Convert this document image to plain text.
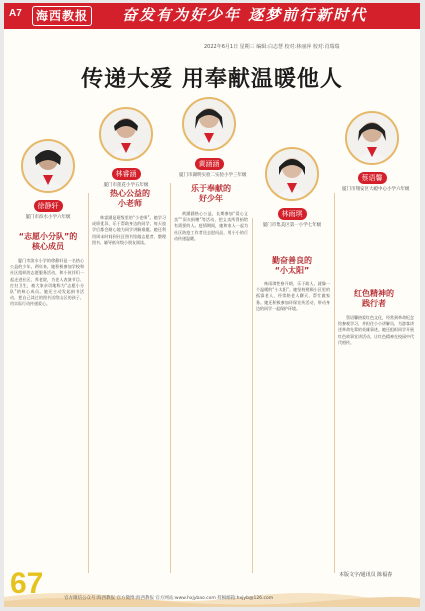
A7	海西教报 奋发有为好少年 逐梦前行新时代
2022年6月1日 星期三 编辑:白志慧 校对:林丽萍 校对:肖瑞瑞
传递大爱 用奉献温暖他人
徐静轩
厦门市滨水小学六年级
林睿涵
厦门市莲花小学五年级
黄涵涵
厦门市湖明实验二实验小学三年级
林雨琪
厦门市集美区第一小学七年级
蔡语馨
厦门市翔安区大嶝中心小学六年级
“志愿小分队”的
核心成员
热心公益的
小老师
乐于奉献的
好少年
勤奋善良的
“小太阳”
红色精神的
践行者

厦门市滨水小学的徐静轩是一名热心公益的少年。两年来，她积极参加学校和社区组织的志愿服务活动，和小伙伴们一起走进社区、养老院，为老人表演节目、打扫卫生，被大家亲切地称为“志愿小分队”的核心成员。她还主动发起捐书活动，把自己读过的图书送给山区的孩子，用实际行动传递爱心。

林睿涵是班级里的“小老师”。她学习成绩优异，乐于帮助身边的同学，每天放学后都会耐心地为同学讲解难题。她还利用周末时间到社区图书馆做志愿者，整理图书、辅导低年级小朋友阅读。

黄涵涵热心公益，长期参加“爱心义卖”“旧衣捐赠”等活动，把义卖所得捐给有需要的人。疫情期间，她和家人一起为社区防疫工作者送去慰问品，用小小的行动传递温暖。

林雨琪性格开朗，乐于助人，就像一个温暖的“小太阳”。她坚持照顾小区里的孤寡老人，经常陪老人聊天、帮忙做家务。她还积极参加环保宣传活动，带动身边的同学一起保护环境。

蔡语馨热爱红色文化，经常到革命纪念馆参观学习，并担任小小讲解员，为游客讲述革命先辈的英雄事迹。她还组织同学开展红色故事宣讲活动，让红色精神在校园中代代相传。

本版文字/通讯员 陈福春
67	官方微信公众号:海西教报 官方微博:海西教报 官方网站:www.hxjybao.com 投稿邮箱:hxjyb@126.com
